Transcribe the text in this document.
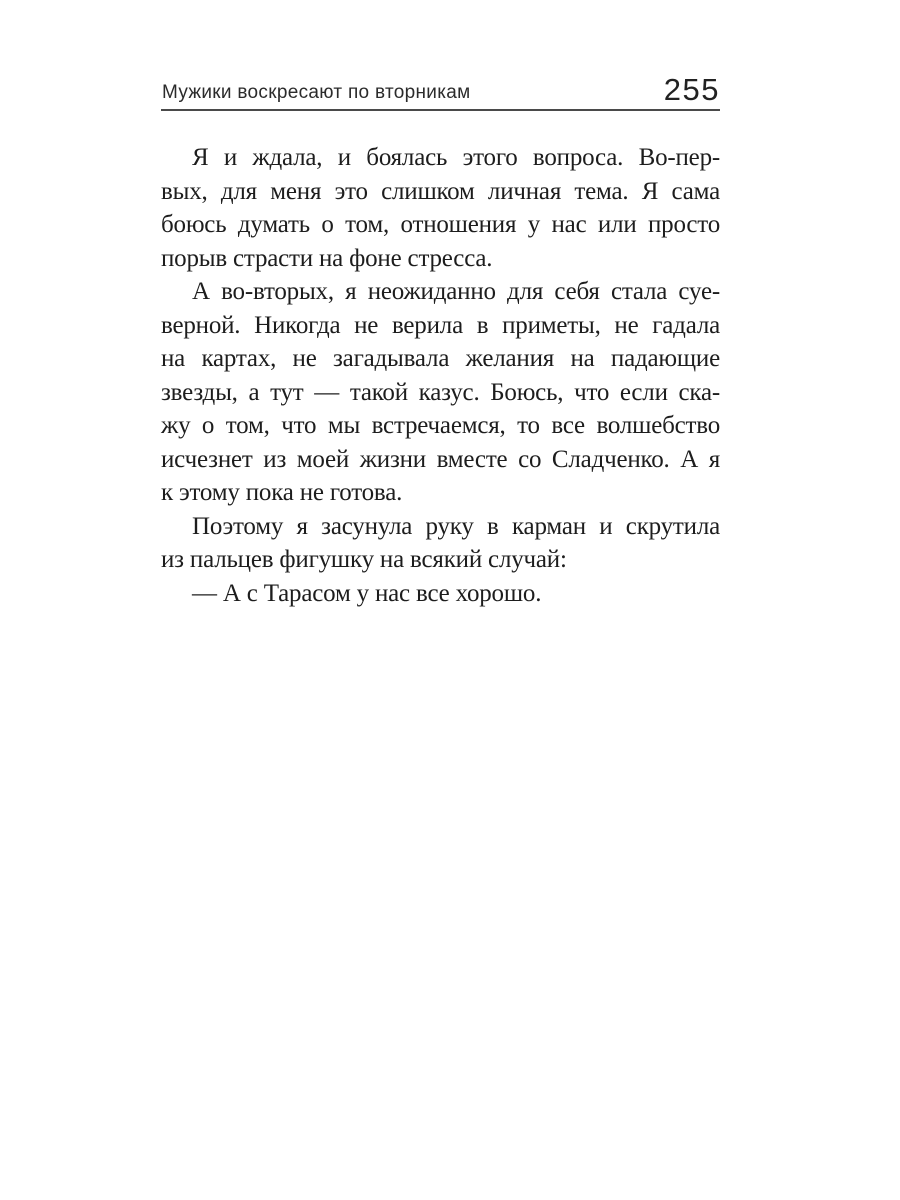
Мужики воскресают по вторникам	255
Я и ждала, и боялась этого вопроса. Во-пер-
вых, для меня это слишком личная тема. Я сама
боюсь думать о том, отношения у нас или просто
порыв страсти на фоне стресса.
А во-вторых, я неожиданно для себя стала суе-
верной. Никогда не верила в приметы, не гадала
на картах, не загадывала желания на падающие
звезды, а тут — такой казус. Боюсь, что если ска-
жу о том, что мы встречаемся, то все волшебство
исчезнет из моей жизни вместе со Сладченко. А я
к этому пока не готова.
Поэтому я засунула руку в карман и скрутила
из пальцев фигушку на всякий случай:
— А с Тарасом у нас все хорошо.
